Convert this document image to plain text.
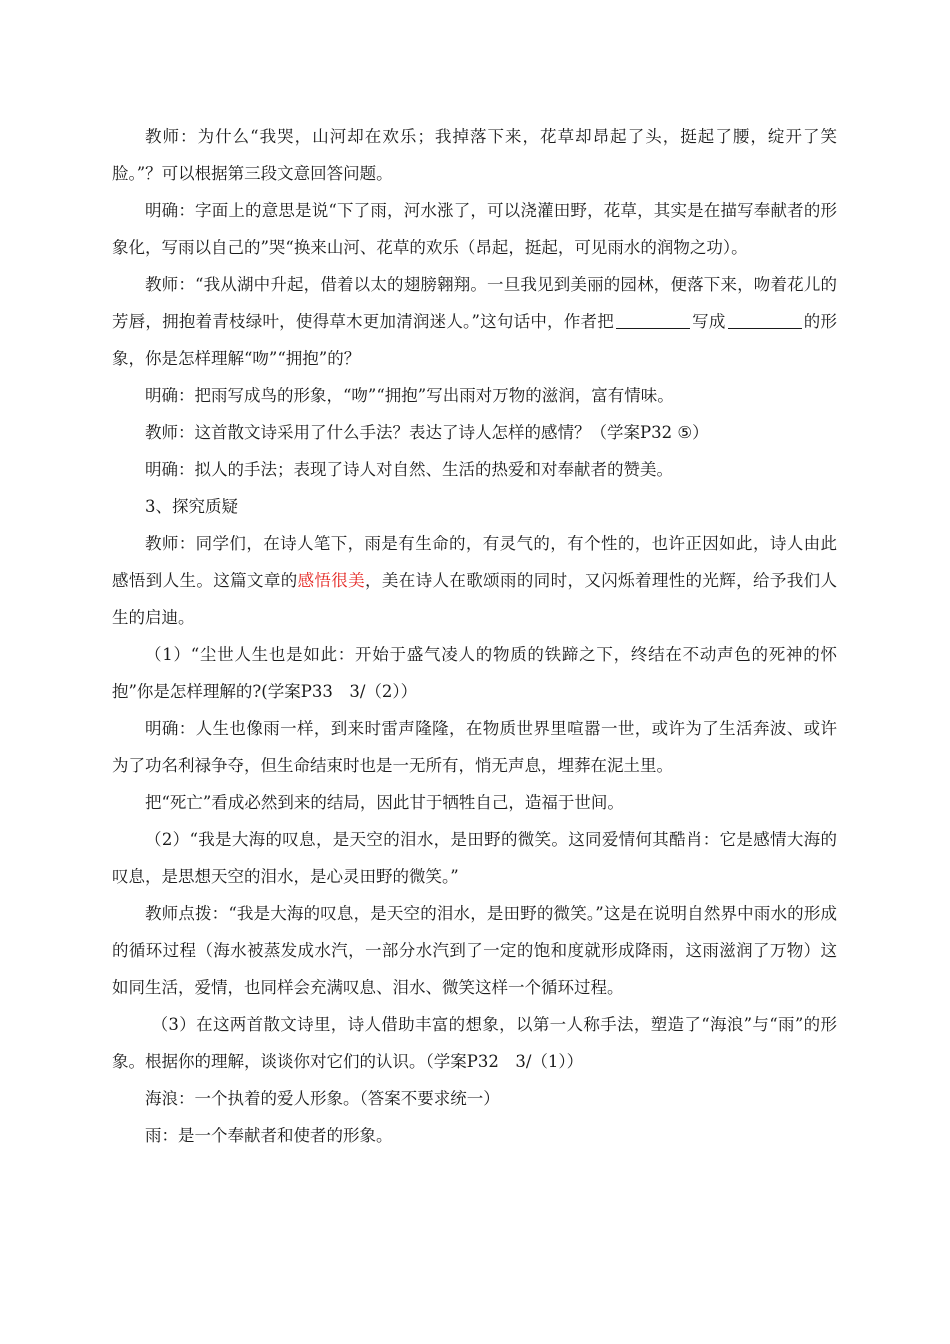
教师：为什么“我哭，山河却在欢乐；我掉落下来，花草却昂起了头，挺起了腰，绽开了笑脸。”？可以根据第三段文意回答问题。

明确：字面上的意思是说“下了雨，河水涨了，可以浇灌田野，花草，其实是在描写奉献者的形象化，写雨以自己的”哭“换来山河、花草的欢乐（昂起，挺起，可见雨水的润物之功）。

教师：“我从湖中升起，借着以太的翅膀翱翔。一旦我见到美丽的园林，便落下来，吻着花儿的芳唇，拥抱着青枝绿叶，使得草木更加清润迷人。”这句话中，作者把	写成	的形象，你是怎样理解“吻”“拥抱”的？

明确：把雨写成鸟的形象，“吻”“拥抱”写出雨对万物的滋润，富有情味。

教师：这首散文诗采用了什么手法？表达了诗人怎样的感情？（学案P32 ⑤）

明确：拟人的手法；表现了诗人对自然、生活的热爱和对奉献者的赞美。

3、探究质疑

教师：同学们，在诗人笔下，雨是有生命的，有灵气的，有个性的，也许正因如此，诗人由此感悟到人生。这篇文章的感悟很美，美在诗人在歌颂雨的同时，又闪烁着理性的光辉，给予我们人生的启迪。

（1）“尘世人生也是如此：开始于盛气凌人的物质的铁蹄之下，终结在不动声色的死神的怀抱”你是怎样理解的?(学案P33　3/（2））

明确：人生也像雨一样，到来时雷声隆隆，在物质世界里喧嚣一世，或许为了生活奔波、或许为了功名利禄争夺，但生命结束时也是一无所有，悄无声息，埋葬在泥土里。

把“死亡”看成必然到来的结局，因此甘于牺牲自己，造福于世间。

（2）“我是大海的叹息，是天空的泪水，是田野的微笑。这同爱情何其酷肖：它是感情大海的叹息，是思想天空的泪水，是心灵田野的微笑。”

教师点拨：“我是大海的叹息，是天空的泪水，是田野的微笑。”这是在说明自然界中雨水的形成的循环过程（海水被蒸发成水汽，一部分水汽到了一定的饱和度就形成降雨，这雨滋润了万物）这如同生活，爱情，也同样会充满叹息、泪水、微笑这样一个循环过程。

（3）在这两首散文诗里，诗人借助丰富的想象，以第一人称手法，塑造了“海浪”与“雨”的形象。根据你的理解，谈谈你对它们的认识。（学案P32　3/（1））

海浪：一个执着的爱人形象。（答案不要求统一）

雨：是一个奉献者和使者的形象。
